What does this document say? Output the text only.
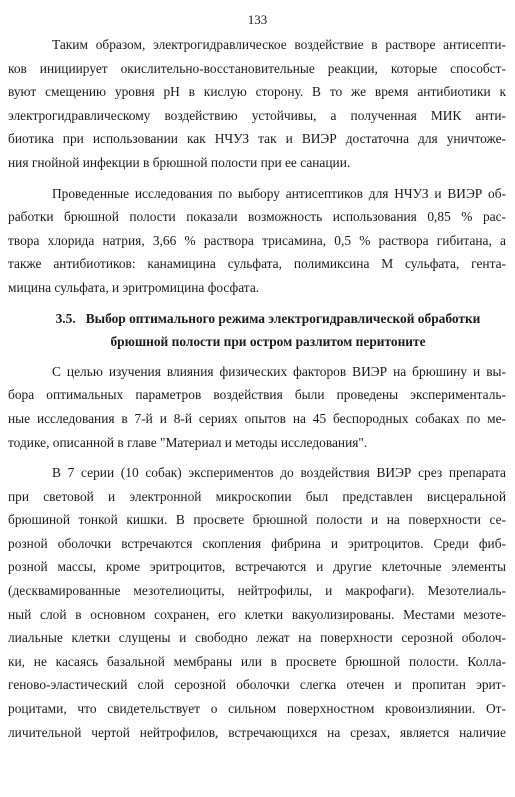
133
Таким образом, электрогидравлическое воздействие в растворе антисепти-
ков инициирует окислительно-восстановительные реакции, которые способст-
вуют смещению уровня pH в кислую сторону. В то же время антибиотики к
электрогидравлическому воздействию устойчивы, а полученная МИК анти-
биотика при использовании как НЧУЗ так и ВИЭР достаточна для уничтоже-
ния гнойной инфекции в брюшной полости при ее санации.
Проведенные исследования по выбору антисептиков для НЧУЗ и ВИЭР об-
работки брюшной полости показали возможность использования 0,85 % рас-
твора хлорида натрия, 3,66 % раствора трисамина, 0,5 % раствора гибитана, а
также антибиотиков: канамицина сульфата, полимиксина М сульфата, гента-
мицина сульфата, и эритромицина фосфата.
3.5. Выбор оптимального режима электрогидравлической обработки
брюшной полости при остром разлитом перитоните
С целью изучения влияния физических факторов ВИЭР на брюшину и вы-
бора оптимальных параметров воздействия были проведены эксперименталь-
ные исследования в 7-й и 8-й сериях опытов на 45 беспородных собаках по ме-
тодике, описанной в главе "Материал и методы исследования".
В 7 серии (10 собак) экспериментов до воздействия ВИЭР срез препарата
при световой и электронной микроскопии был представлен висцеральной
брюшиной тонкой кишки. В просвете брюшной полости и на поверхности се-
розной оболочки встречаются скопления фибрина и эритроцитов. Среди фиб-
розной массы, кроме эритроцитов, встречаются и другие клеточные элементы
(десквамированные мезотелиоциты, нейтрофилы, и макрофаги). Мезотелиаль-
ный слой в основном сохранен, его клетки вакуолизированы. Местами мезоте-
лиальные клетки слущены и свободно лежат на поверхности серозной оболоч-
ки, не касаясь базальной мембраны или в просвете брюшной полости. Колла-
геново-эластический слой серозной оболочки слегка отечен и пропитан эрит-
роцитами, что свидетельствует о сильном поверхностном кровоизлиянии. От-
личительной чертой нейтрофилов, встречающихся на срезах, является наличие
